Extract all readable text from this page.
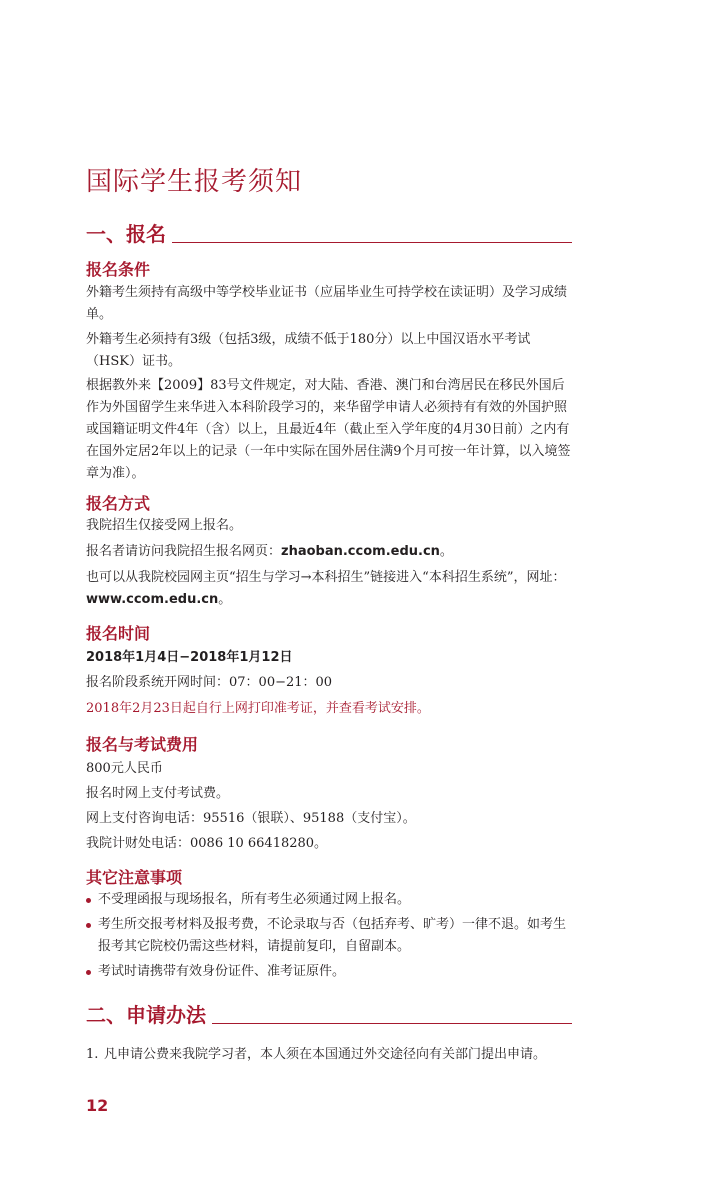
国际学生报考须知
一、报名
报名条件

外籍考生须持有高级中等学校毕业证书（应届毕业生可持学校在读证明）及学习成绩单。

外籍考生必须持有3级（包括3级，成绩不低于180分）以上中国汉语水平考试（HSK）证书。

根据教外来【2009】83号文件规定，对大陆、香港、澳门和台湾居民在移民外国后作为外国留学生来华进入本科阶段学习的，来华留学申请人必须持有有效的外国护照或国籍证明文件4年（含）以上，且最近4年（截止至入学年度的4月30日前）之内有在国外定居2年以上的记录（一年中实际在国外居住满9个月可按一年计算，以入境签章为准）。

报名方式

我院招生仅接受网上报名。

报名者请访问我院招生报名网页：zhaoban.ccom.edu.cn。

也可以从我院校园网主页“招生与学习→本科招生”链接进入“本科招生系统”，网址：www.ccom.edu.cn。

报名时间

2018年1月4日−2018年1月12日

报名阶段系统开网时间：07：00−21：00

2018年2月23日起自行上网打印准考证，并查看考试安排。

报名与考试费用

800元人民币

报名时网上支付考试费。

网上支付咨询电话：95516（银联）、95188（支付宝）。

我院计财处电话：0086 10 66418280。

其它注意事项
不受理函报与现场报名，所有考生必须通过网上报名。
考生所交报考材料及报考费，不论录取与否（包括弃考、旷考）一律不退。如考生报考其它院校仍需这些材料，请提前复印，自留副本。
考试时请携带有效身份证件、准考证原件。
二、申请办法
1. 凡申请公费来我院学习者，本人须在本国通过外交途径向有关部门提出申请。
12
